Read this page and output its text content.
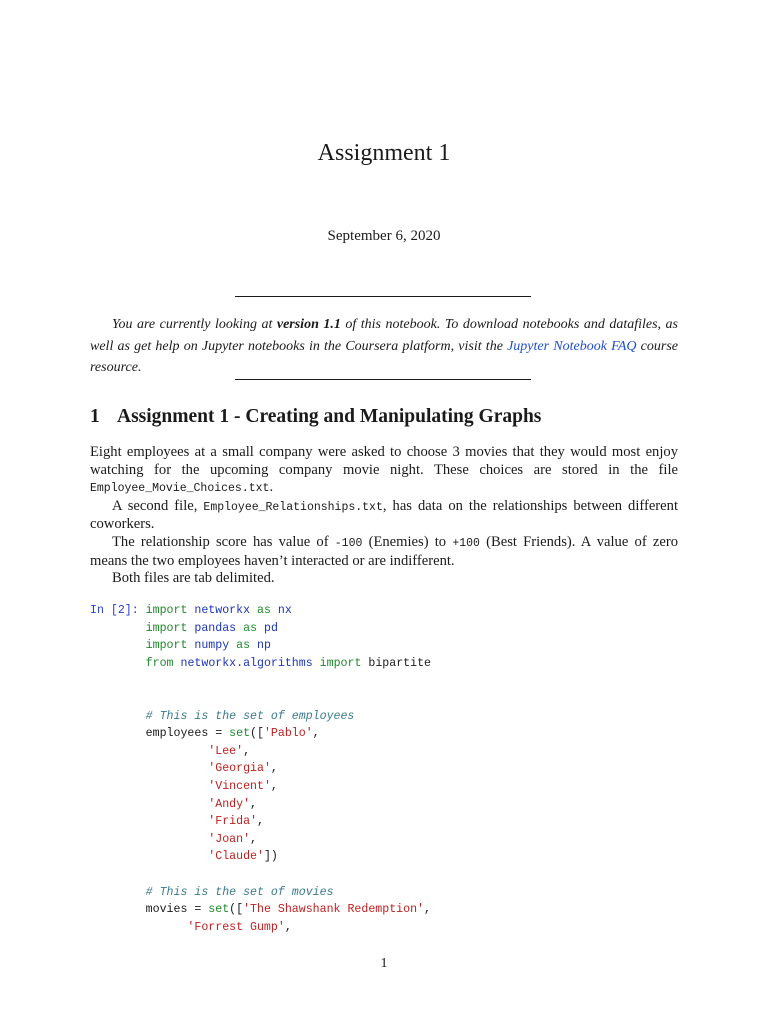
Assignment 1
September 6, 2020
You are currently looking at version 1.1 of this notebook. To download notebooks and datafiles, as well as get help on Jupyter notebooks in the Coursera platform, visit the Jupyter Notebook FAQ course resource.
1 Assignment 1 - Creating and Manipulating Graphs

Eight employees at a small company were asked to choose 3 movies that they would most enjoy watching for the upcoming company movie night. These choices are stored in the file Employee_Movie_Choices.txt.

A second file, Employee_Relationships.txt, has data on the relationships between different coworkers.

The relationship score has value of -100 (Enemies) to +100 (Best Friends). A value of zero means the two employees haven’t interacted or are indifferent.

Both files are tab delimited.

In [2]: import networkx as nx
import pandas as pd
import numpy as np
from networkx.algorithms import bipartite

# This is the set of employees
employees = set(['Pablo',
'Lee',
'Georgia',
'Vincent',
'Andy',
'Frida',
'Joan',
'Claude'])

# This is the set of movies
movies = set(['The Shawshank Redemption',
'Forrest Gump',
1
